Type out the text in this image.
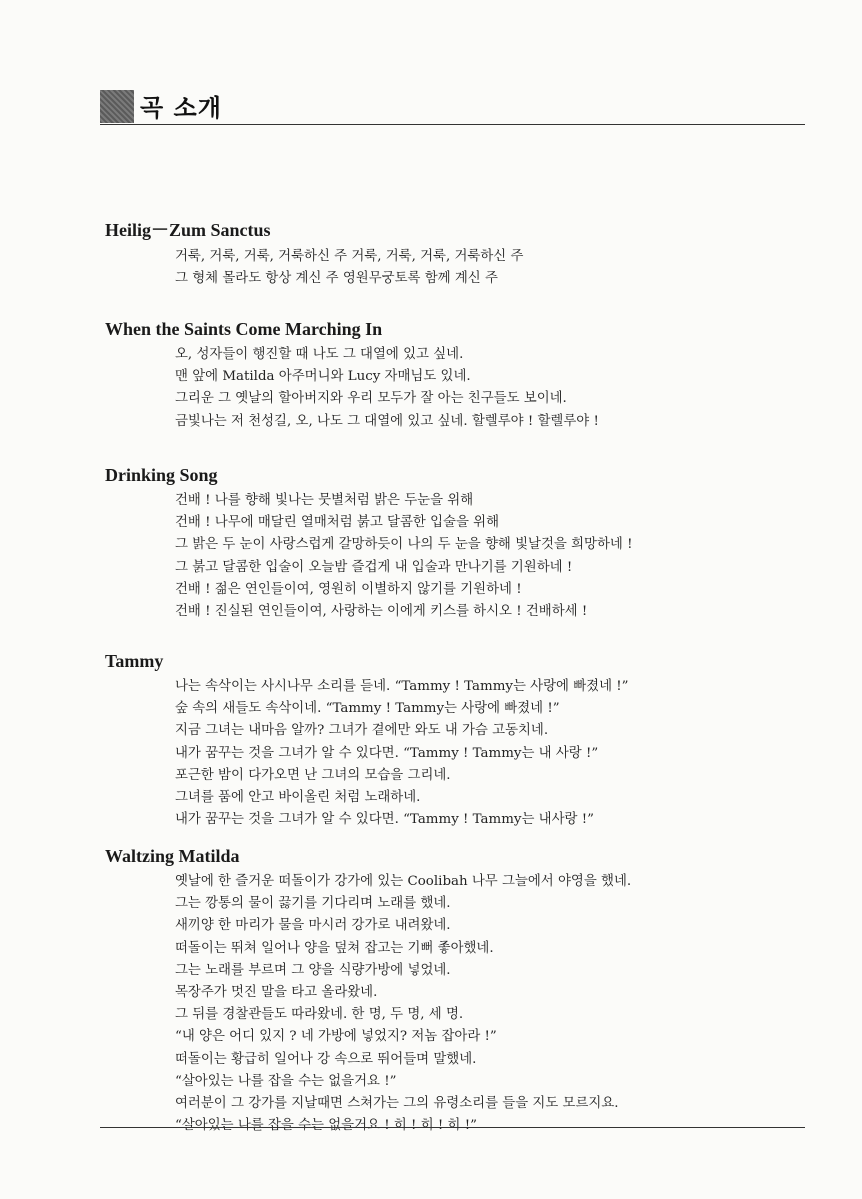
곡 소개
Heilig－Zum Sanctus
거룩, 거룩, 거룩, 거룩하신 주 거룩, 거룩, 거룩, 거룩하신 주
그 형체 몰라도 항상 계신 주 영원무궁토록 함께 계신 주
When the Saints Come Marching In
오, 성자들이 행진할 때 나도 그 대열에 있고 싶네.
맨 앞에 Matilda 아주머니와 Lucy 자매님도 있네.
그리운 그 옛날의 할아버지와 우리 모두가 잘 아는 친구들도 보이네.
금빛나는 저 천성길, 오, 나도 그 대열에 있고 싶네. 할렐루야 ! 할렐루야 !
Drinking Song
건배 ! 나를 향해 빛나는 뭇별처럼 밝은 두눈을 위해
건배 ! 나무에 매달린 열매처럼 붉고 달콤한 입술을 위해
그 밝은 두 눈이 사랑스럽게 갈망하듯이 나의 두 눈을 향해 빛날것을 희망하네 !
그 붉고 달콤한 입술이 오늘밤 즐겁게 내 입술과 만나기를 기원하네 !
건배 ! 젊은 연인들이여, 영원히 이별하지 않기를 기원하네 !
건배 ! 진실된 연인들이여, 사랑하는 이에게 키스를 하시오 ! 건배하세 !
Tammy
나는 속삭이는 사시나무 소리를 듣네. “Tammy ! Tammy는 사랑에 빠졌네 !”
숲 속의 새들도 속삭이네. “Tammy ! Tammy는 사랑에 빠졌네 !”
지금 그녀는 내마음 알까? 그녀가 곁에만 와도 내 가슴 고동치네.
내가 꿈꾸는 것을 그녀가 알 수 있다면. “Tammy ! Tammy는 내 사랑 !”
포근한 밤이 다가오면 난 그녀의 모습을 그리네.
그녀를 품에 안고 바이올린 처럼 노래하네.
내가 꿈꾸는 것을 그녀가 알 수 있다면. “Tammy ! Tammy는 내사랑 !”
Waltzing Matilda
옛날에 한 즐거운 떠돌이가 강가에 있는 Coolibah 나무 그늘에서 야영을 했네.
그는 깡통의 물이 끓기를 기다리며 노래를 했네.
새끼양 한 마리가 물을 마시러 강가로 내려왔네.
떠돌이는 뛰쳐 일어나 양을 덮쳐 잡고는 기뻐 좋아했네.
그는 노래를 부르며 그 양을 식량가방에 넣었네.
목장주가 멋진 말을 타고 올라왔네.
그 뒤를 경찰관들도 따라왔네. 한 명, 두 명, 세 명.
“내 양은 어디 있지 ? 네 가방에 넣었지? 저놈 잡아라 !”
떠돌이는 황급히 일어나 강 속으로 뛰어들며 말했네.
“살아있는 나를 잡을 수는 없을거요 !”
여러분이 그 강가를 지날때면 스쳐가는 그의 유령소리를 들을 지도 모르지요.
“살아있는 나를 잡을 수는 없을거요 ! 히 ! 히 ! 히 !”
